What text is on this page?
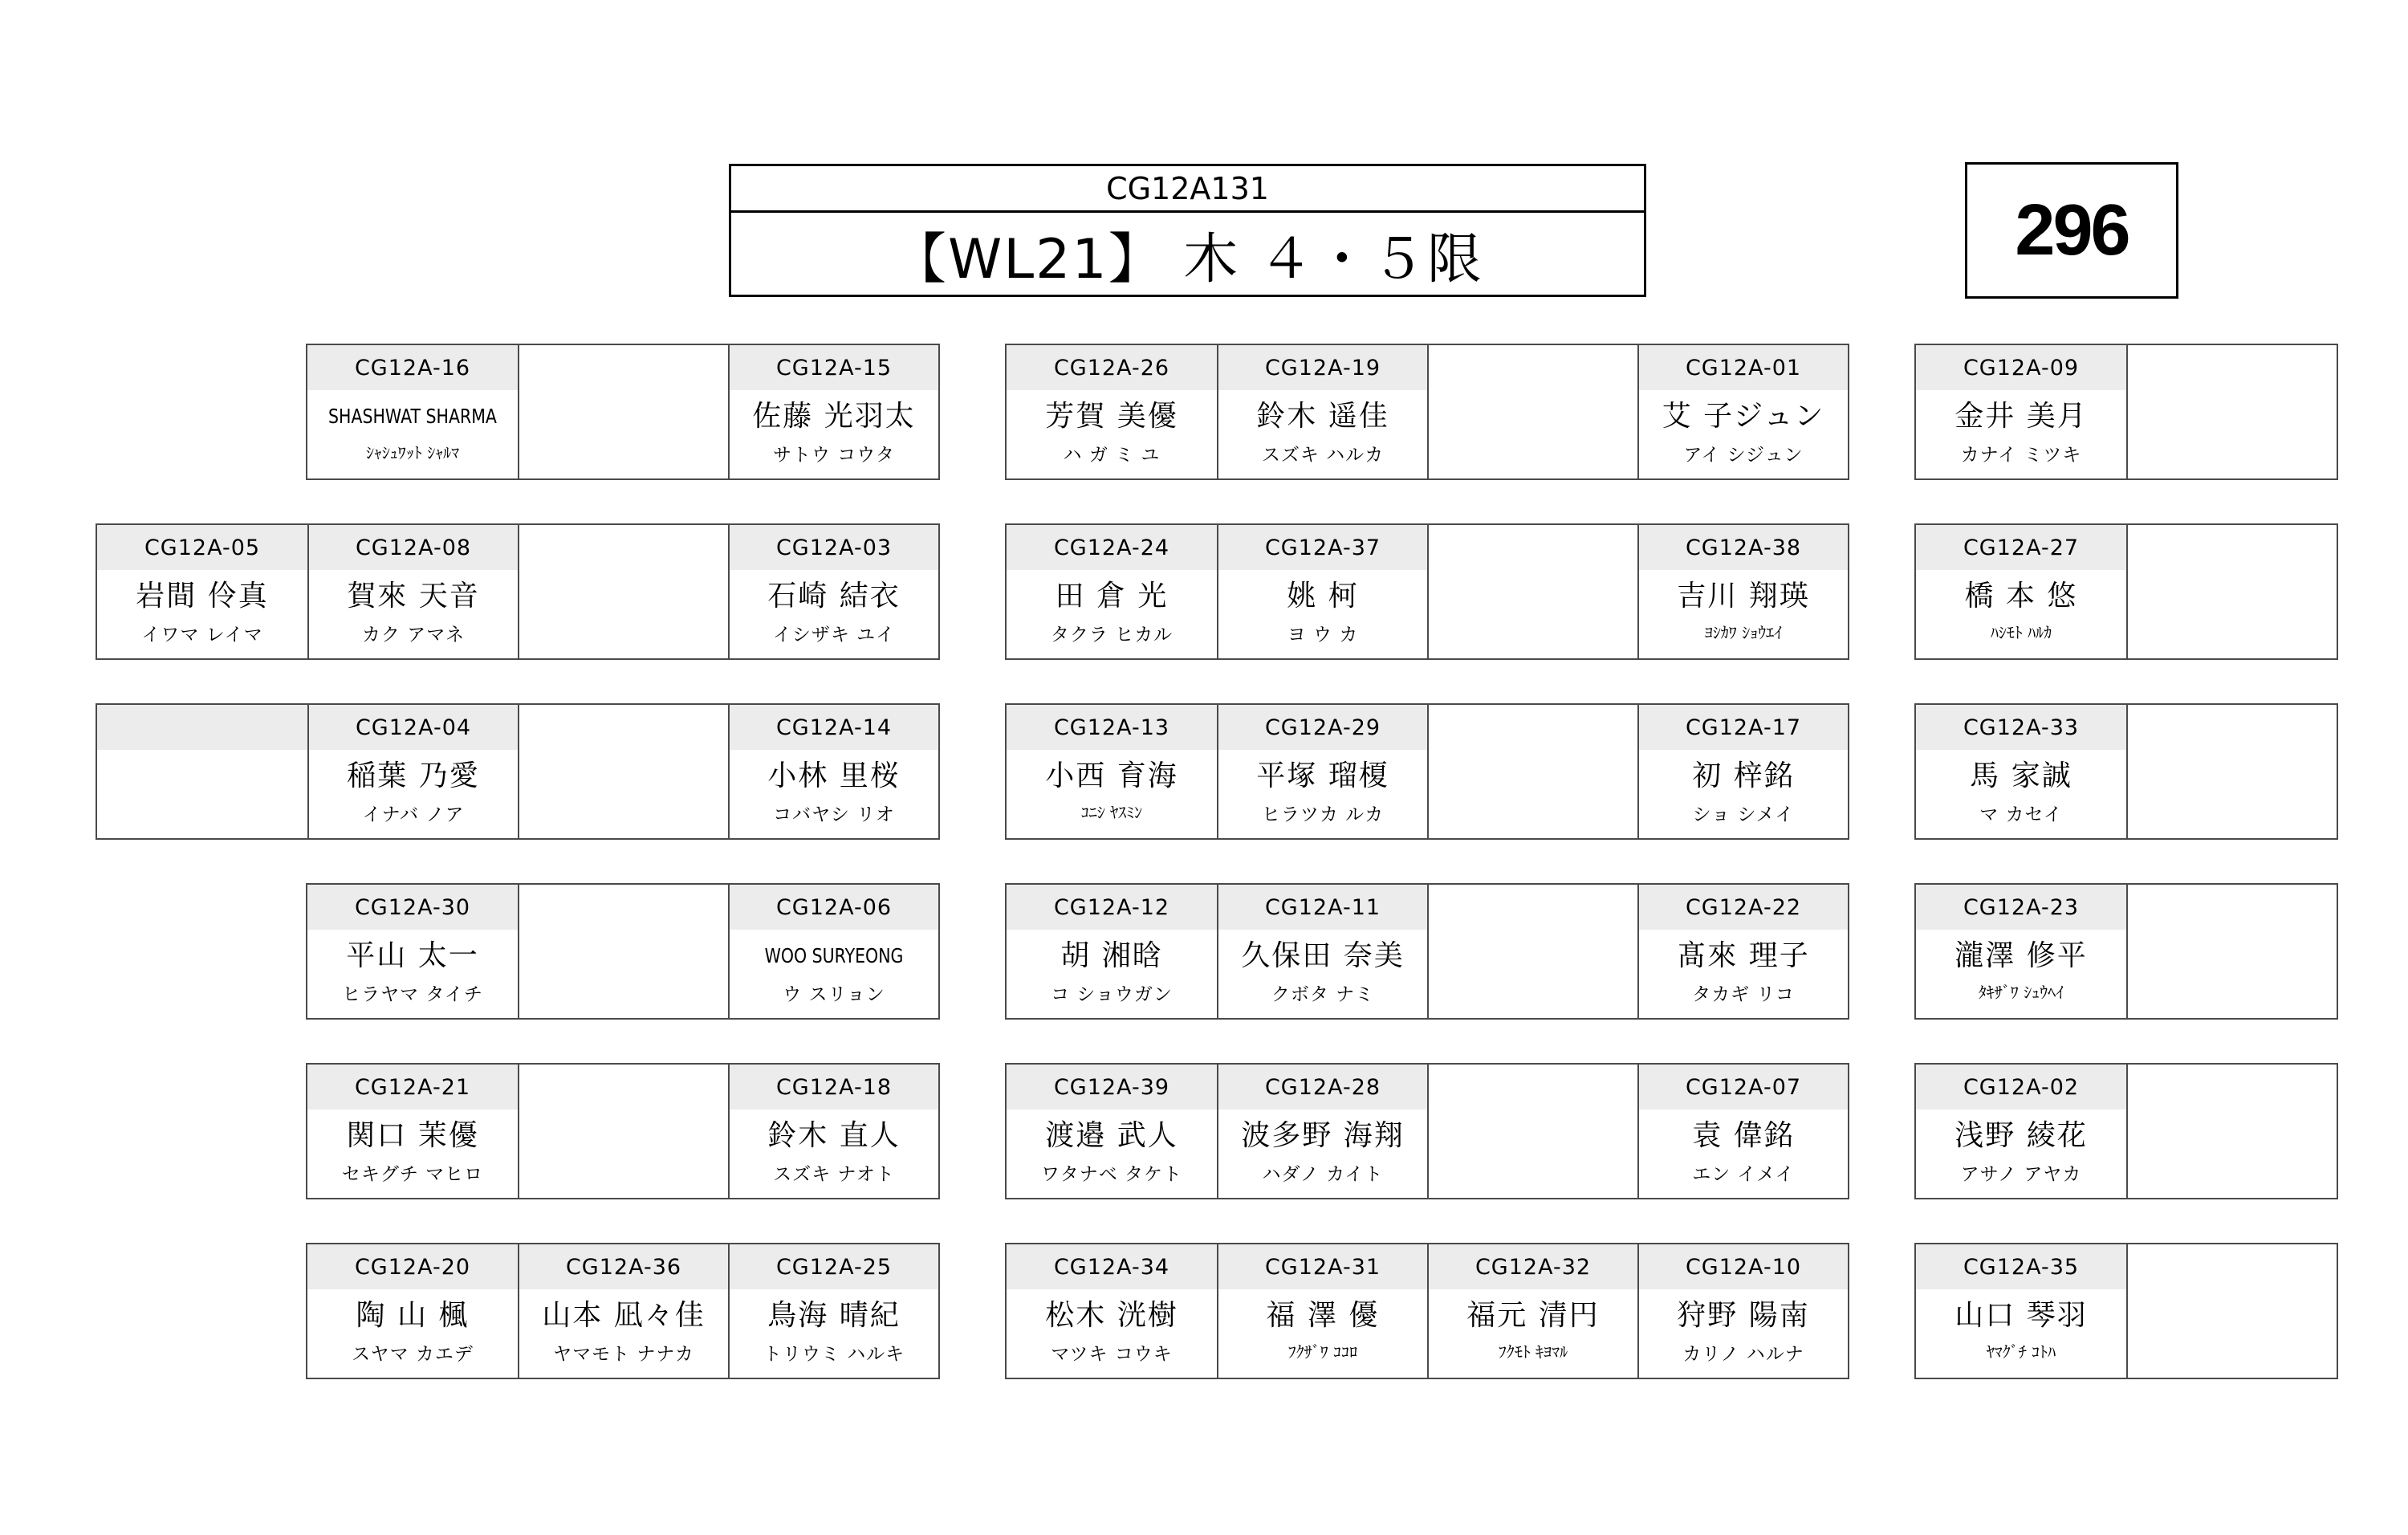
CG12A131
【WL21】 木 ４・５限	296
CG12A-16
SHASHWAT SHARMA
ｼｬｼｭﾜｯﾄ ｼｬﾙﾏ
CG12A-15
佐藤 光羽太
サトウ コウタ
CG12A-26
芳賀 美優
ハ ガ ミ ユ
CG12A-19
鈴木 遥佳
スズキ ハルカ
CG12A-01
艾 子ジュン
アイ シジュン
CG12A-09
金井 美月
カナイ ミツキ
CG12A-05
岩間 伶真
イワマ レイマ
CG12A-08
賀來 天音
カク アマネ
CG12A-03
石崎 結衣
イシザキ ユイ
CG12A-24
田 倉 光
タクラ ヒカル
CG12A-37
姚 柯
ヨ ウ カ
CG12A-38
吉川 翔瑛
ﾖｼｶﾜ ｼｮｳｴｲ
CG12A-27
橋 本 悠
ﾊｼﾓﾄ ﾊﾙｶ
CG12A-04
稲葉 乃愛
イナバ ノア
CG12A-14
小林 里桜
コバヤシ リオ
CG12A-13
小西 育海
ｺﾆｼ ﾔｽﾐﾝ
CG12A-29
平塚 瑠榎
ヒラツカ ルカ
CG12A-17
初 梓銘
ショ シメイ
CG12A-33
馬 家誠
マ カセイ
CG12A-30
平山 太一
ヒラヤマ タイチ
CG12A-06
WOO SURYEONG
ウ スリョン
CG12A-12
胡 湘晗
コ ショウガン
CG12A-11
久保田 奈美
クボタ ナミ
CG12A-22
髙來 理子
タカギ リコ
CG12A-23
瀧澤 修平
ﾀｷｻﾞﾜ ｼｭｳﾍｲ
CG12A-21
関口 茉優
セキグチ マヒロ
CG12A-18
鈴木 直人
スズキ ナオト
CG12A-39
渡邉 武人
ワタナベ タケト
CG12A-28
波多野 海翔
ハダノ カイト
CG12A-07
袁 偉銘
エン イメイ
CG12A-02
浅野 綾花
アサノ アヤカ
CG12A-20
陶 山 楓
スヤマ カエデ
CG12A-36
山本 凪々佳
ヤマモト ナナカ
CG12A-25
鳥海 晴紀
トリウミ ハルキ
CG12A-34
松木 洸樹
マツキ コウキ
CG12A-31
福 澤 優
ﾌｸｻﾞﾜ ｺｺﾛ
CG12A-32
福元 清円
ﾌｸﾓﾄ ｷﾖﾏﾙ
CG12A-10
狩野 陽南
カリノ ハルナ
CG12A-35
山口 琴羽
ﾔﾏｸﾞﾁ ｺﾄﾊ
